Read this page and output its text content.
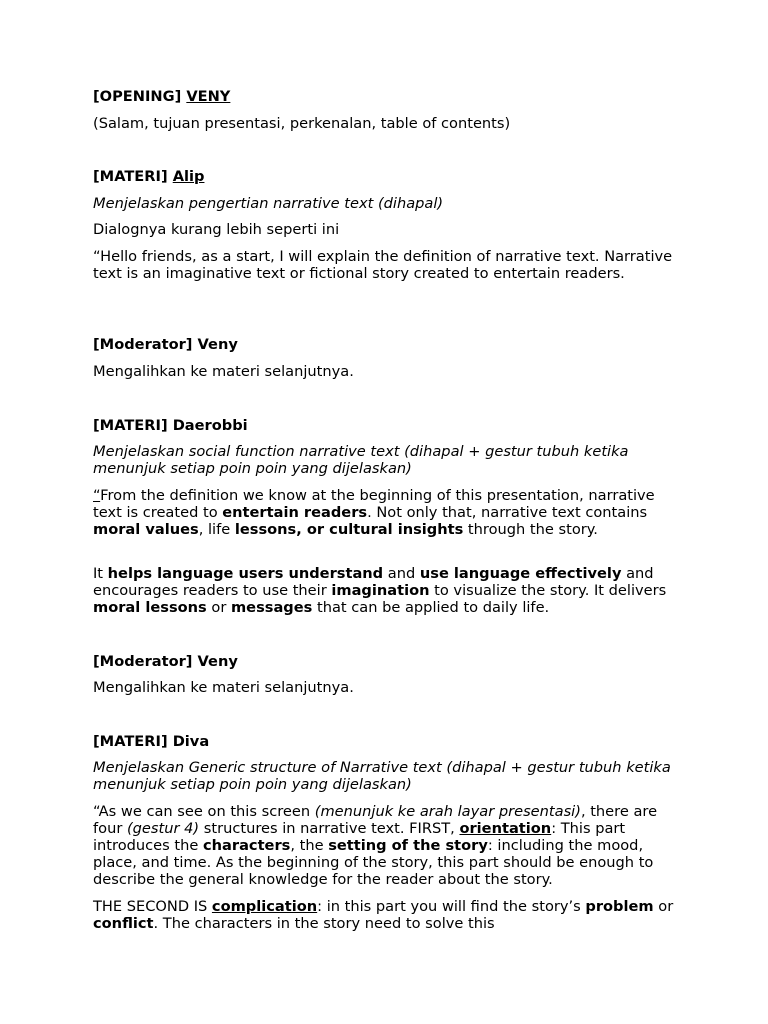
[OPENING] VENY

(Salam, tujuan presentasi, perkenalan, table of contents)

[MATERI] Alip

Menjelaskan pengertian narrative text (dihapal)

Dialognya kurang lebih seperti ini

“Hello friends, as a start, I will explain the definition of narrative text. Narrative text is an imaginative text or fictional story created to entertain readers.

[Moderator] Veny

Mengalihkan ke materi selanjutnya.

[MATERI] Daerobbi

Menjelaskan social function narrative text (dihapal + gestur tubuh ketika menunjuk setiap poin poin yang dijelaskan)

“From the definition we know at the beginning of this presentation, narrative text is created to entertain readers. Not only that, narrative text contains moral values, life lessons, or cultural insights through the story.

It helps language users understand and use language effectively and encourages readers to use their imagination to visualize the story. It delivers moral lessons or messages that can be applied to daily life.

[Moderator] Veny

Mengalihkan ke materi selanjutnya.

[MATERI] Diva

Menjelaskan Generic structure of Narrative text (dihapal + gestur tubuh ketika menunjuk setiap poin poin yang dijelaskan)

“As we can see on this screen (menunjuk ke arah layar presentasi), there are four (gestur 4) structures in narrative text. FIRST, orientation: This part introduces the characters, the setting of the story: including the mood, place, and time. As the beginning of the story, this part should be enough to describe the general knowledge for the reader about the story.

THE SECOND IS complication: in this part you will find the story’s problem or conflict. The characters in the story need to solve this
